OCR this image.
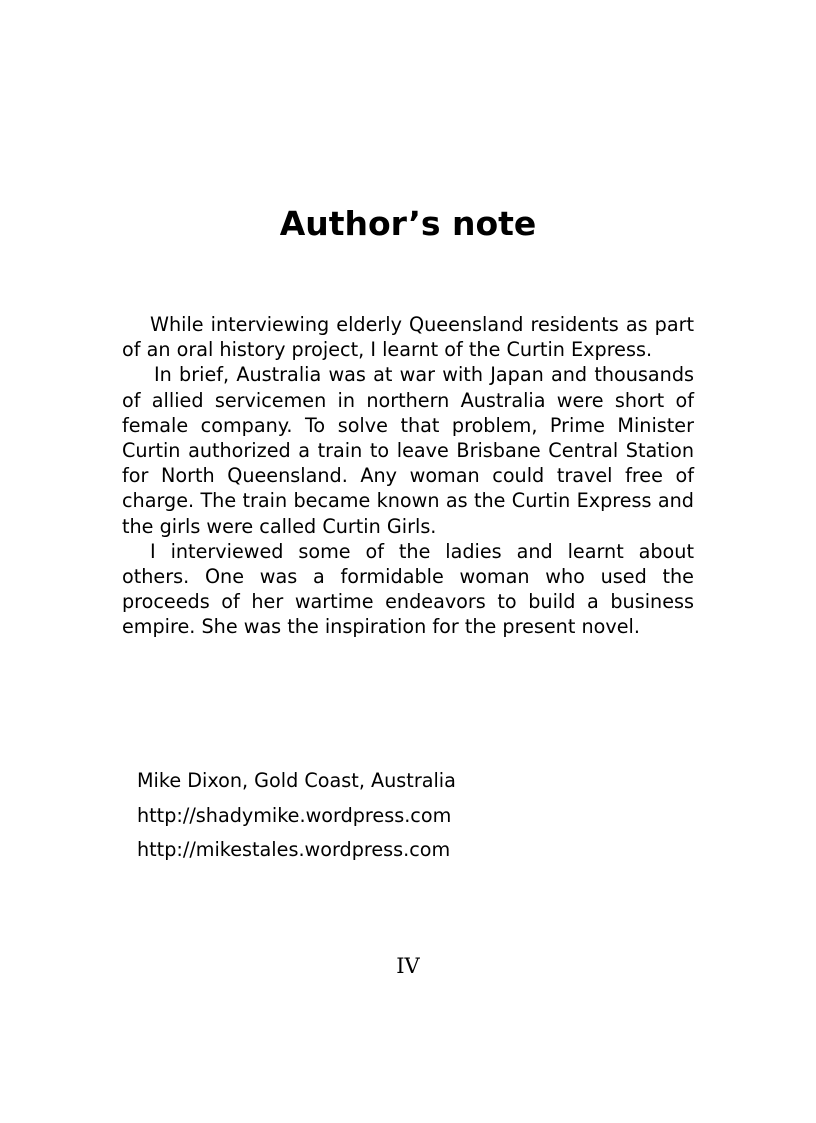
Author’s note

While interviewing elderly Queensland residents as part of an oral history project, I learnt of the Curtin Express.

In brief, Australia was at war with Japan and thousands of allied servicemen in northern Australia were short of female company. To solve that problem, Prime Minister Curtin authorized a train to leave Brisbane Central Station for North Queensland. Any woman could travel free of charge. The train became known as the Curtin Express and the girls were called Curtin Girls.

I interviewed some of the ladies and learnt about others. One was a formidable woman who used the proceeds of her wartime endeavors to build a business empire. She was the inspiration for the present novel.

Mike Dixon, Gold Coast, Australia
http://shadymike.wordpress.com
http://mikestales.wordpress.com
IV
